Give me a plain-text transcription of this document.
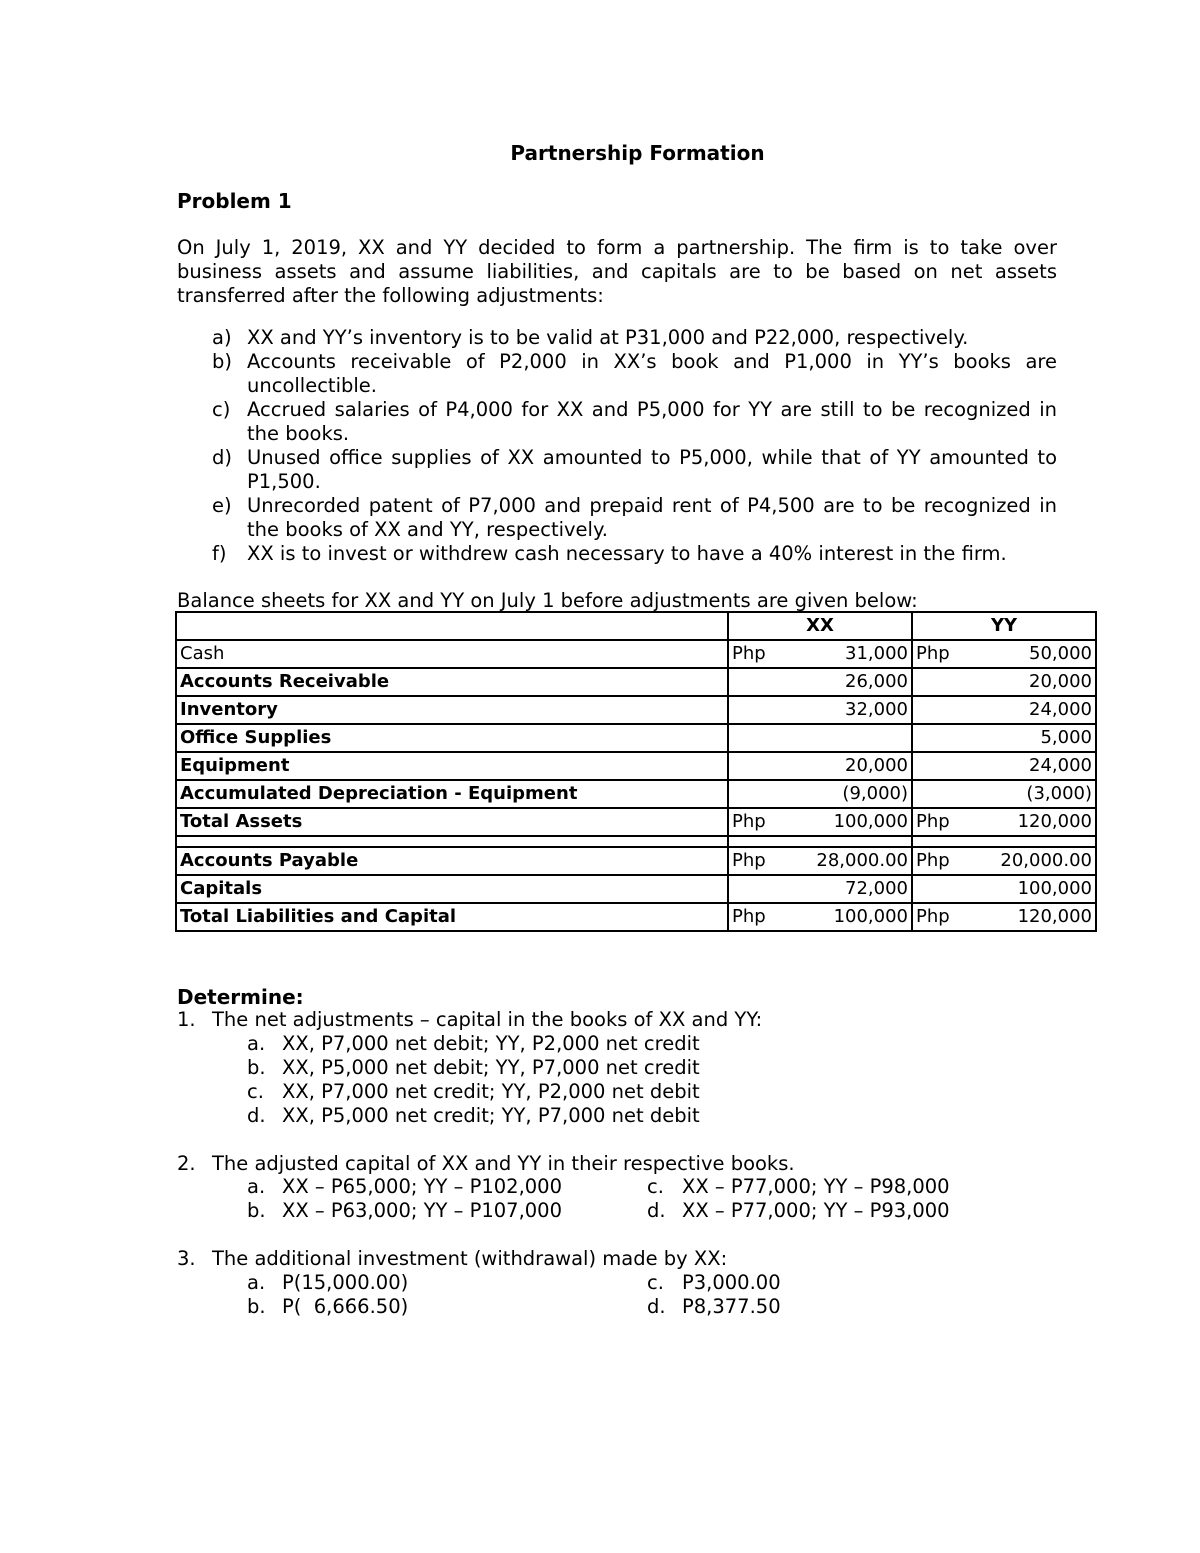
Partnership Formation
Problem 1

On July 1, 2019, XX and YY decided to form a partnership. The firm is to take over business assets and assume liabilities, and capitals are to be based on net assets transferred after the following adjustments:

a) XX and YY’s inventory is to be valid at P31,000 and P22,000, respectively.
b) Accounts receivable of P2,000 in XX’s book and P1,000 in YY’s books are uncollectible.
c) Accrued salaries of P4,000 for XX and P5,000 for YY are still to be recognized in the books.
d) Unused office supplies of XX amounted to P5,000, while that of YY amounted to P1,500.
e) Unrecorded patent of P7,000 and prepaid rent of P4,500 are to be recognized in the books of XX and YY, respectively.
f) XX is to invest or withdrew cash necessary to have a 40% interest in the firm.
Balance sheets for XX and YY on July 1 before adjustments are given below:
	XX	YY
Cash	Php 31,000	Php 50,000

Accounts Receivable	26,000	20,000

Inventory	32,000	24,000

Office Supplies		5,000

Equipment	20,000	24,000

Accumulated Depreciation - Equipment	(9,000)	(3,000)

Total Assets	Php 100,000	Php 120,000

Accounts Payable	Php 28,000.00	Php 20,000.00

Capitals	72,000	100,000

Total Liabilities and Capital	Php 100,000	Php 120,000
Determine:
1. The net adjustments – capital in the books of XX and YY:
a. XX, P7,000 net debit; YY, P2,000 net credit
b. XX, P5,000 net debit; YY, P7,000 net credit
c. XX, P7,000 net credit; YY, P2,000 net debit
d. XX, P5,000 net credit; YY, P7,000 net debit
2. The adjusted capital of XX and YY in their respective books.
a. XX – P65,000; YY – P102,000	c. XX – P77,000; YY – P98,000
b. XX – P63,000; YY – P107,000	d. XX – P77,000; YY – P93,000
3. The additional investment (withdrawal) made by XX:
a. P(15,000.00)	c. P3,000.00
b. P(  6,666.50)	d. P8,377.50
